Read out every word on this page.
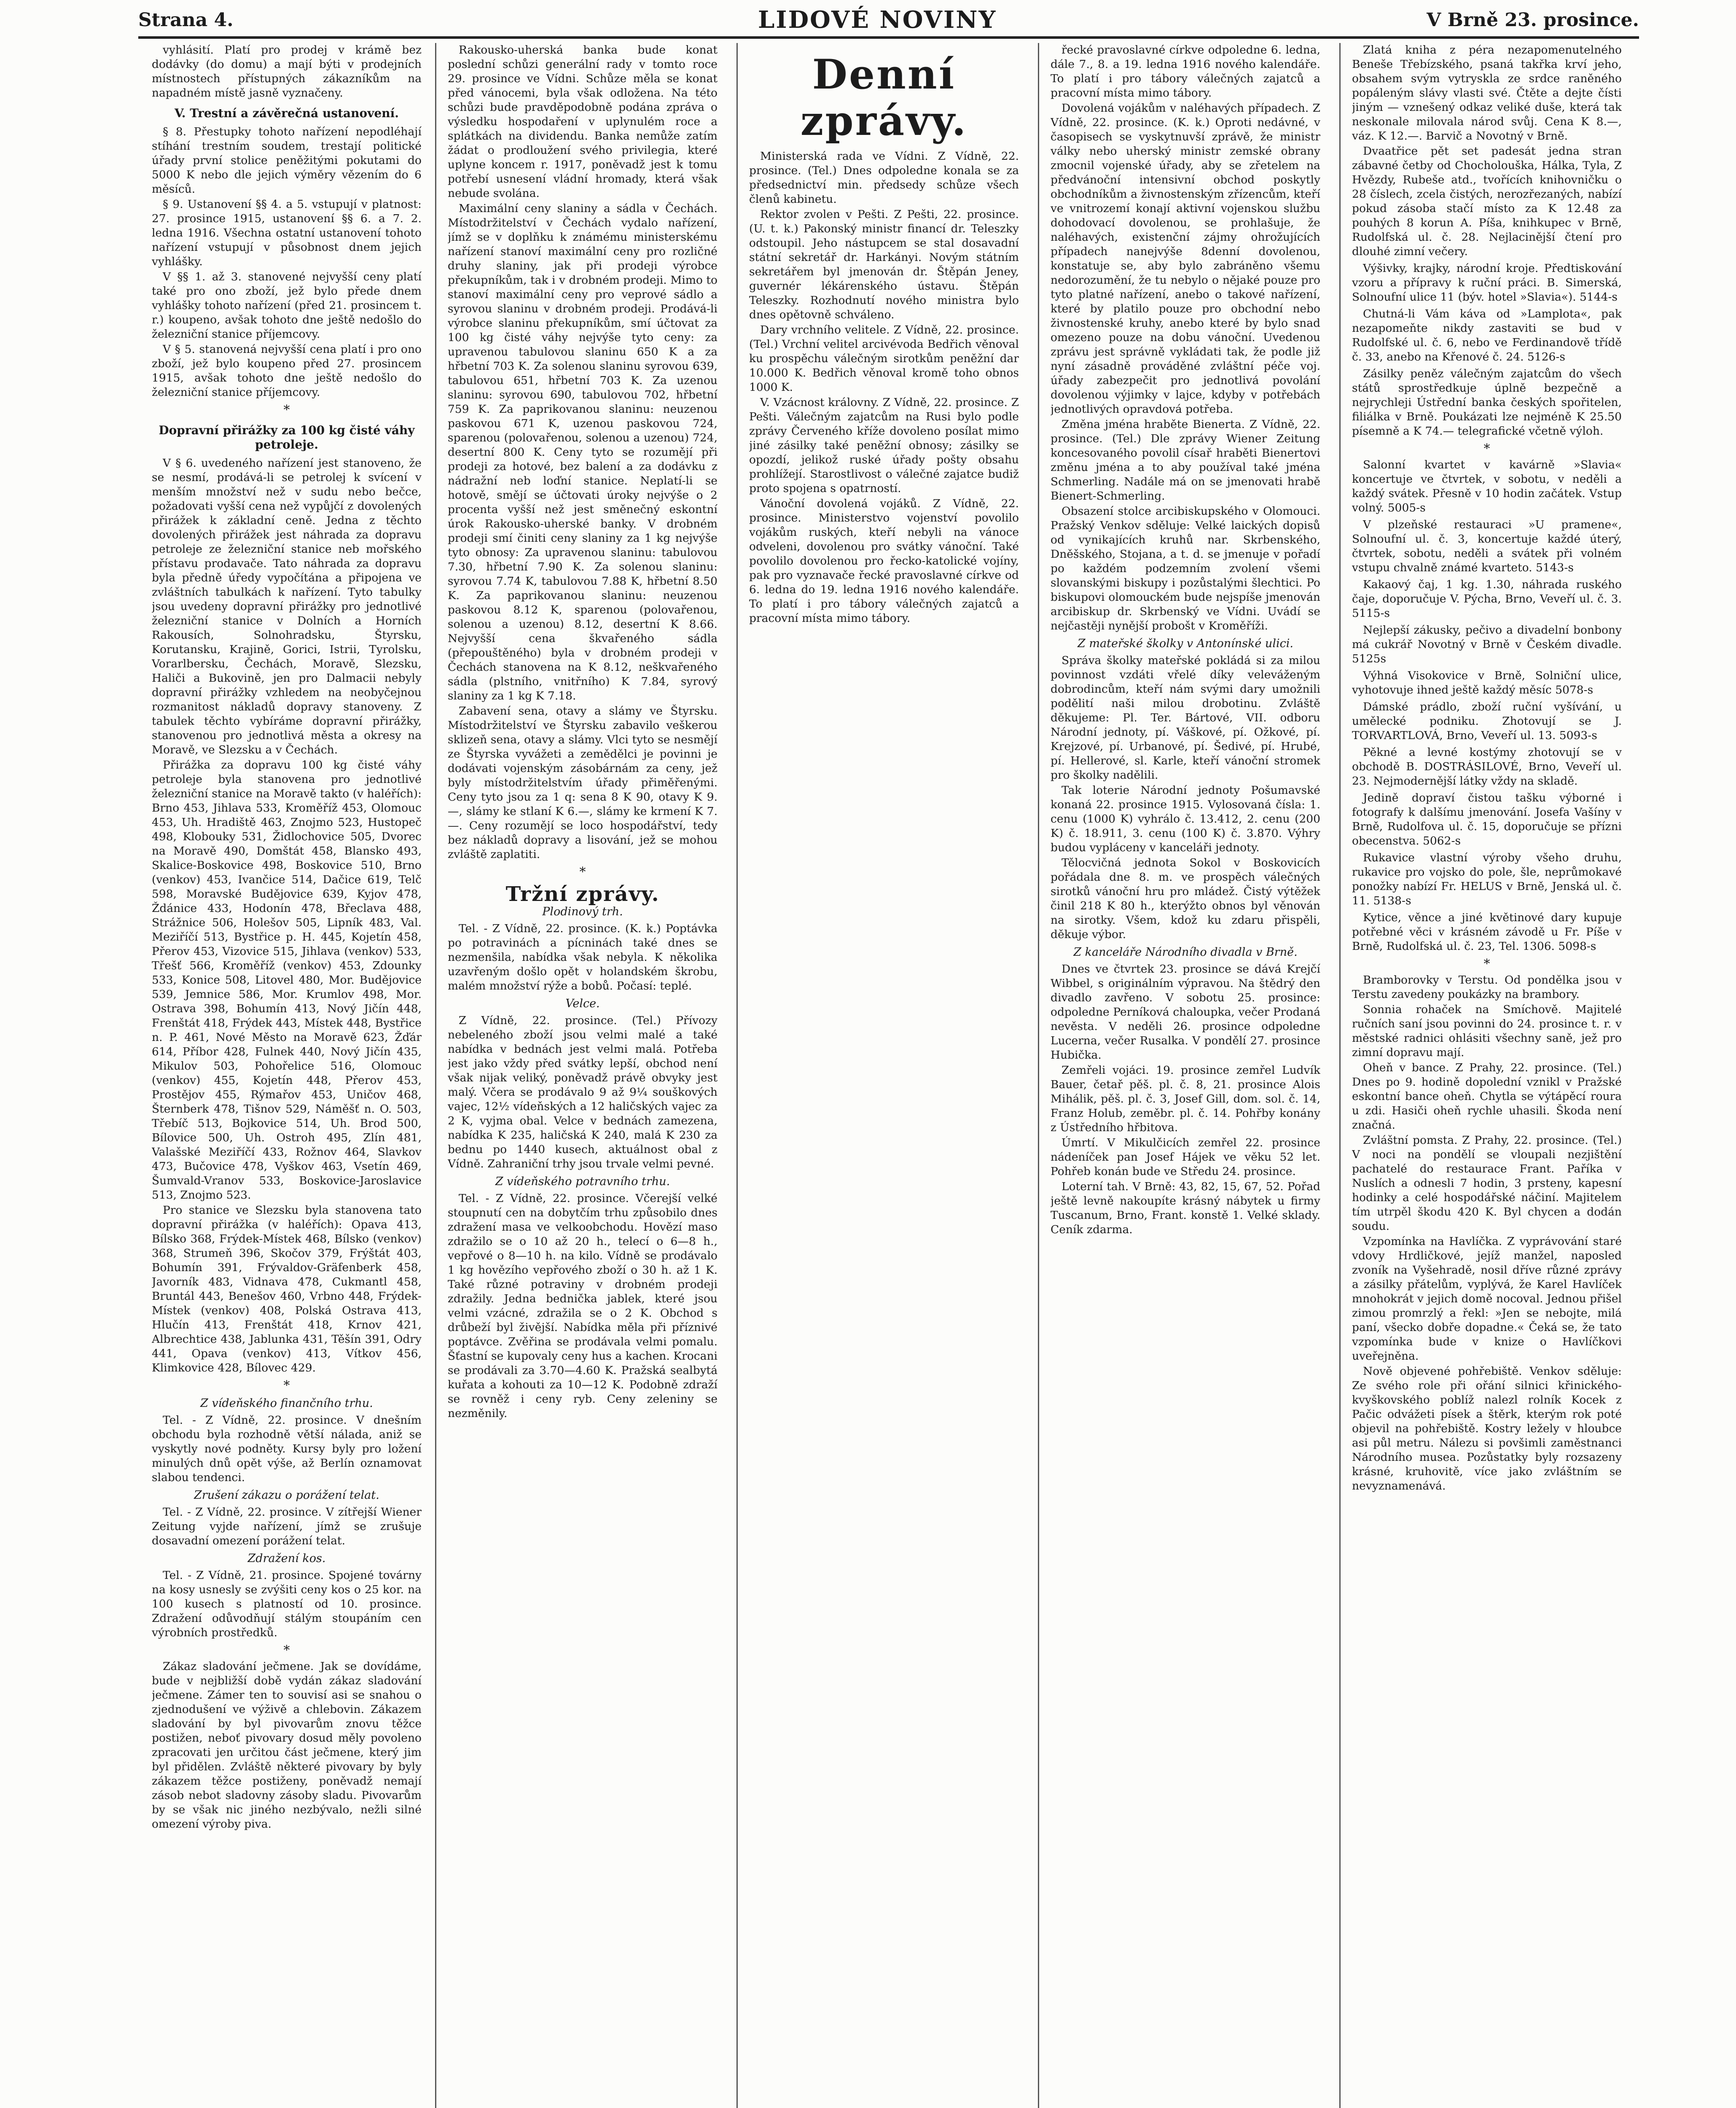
Strana 4.	LIDOVÉ NOVINY	V Brně 23. prosince.
vyhlásití. Platí pro prodej v krámě bez dodávky (do domu) a mají býti v prodejních místnostech přístupných zákazníkům na napadném místě jasně vyznačeny.
V. Trestní a závěrečná ustanovení.
§ 8. Přestupky tohoto nařízení nepodléhají stíhání trestním soudem, trestají politické úřady první stolice peněžitými pokutami do 5000 K nebo dle jejich výměry vězením do 6 měsíců.
§ 9. Ustanovení §§ 4. a 5. vstupují v platnost: 27. prosince 1915, ustanovení §§ 6. a 7. 2. ledna 1916. Všechna ostatní ustanovení tohoto nařízení vstupují v působnost dnem jejich vyhlášky.
V §§ 1. až 3. stanovené nejvyšší ceny platí také pro ono zboží, jež bylo přede dnem vyhlášky tohoto nařízení (před 21. prosincem t. r.) koupeno, avšak tohoto dne ještě nedošlo do železniční stanice příjemcovy.
V § 5. stanovená nejvyšší cena platí i pro ono zboží, jež bylo koupeno před 27. prosincem 1915, avšak tohoto dne ještě nedošlo do železniční stanice příjemcovy.
*
Dopravní přirážky za 100 kg čisté váhy petroleje.
V § 6. uvedeného nařízení jest stanoveno, že se nesmí, prodává-li se petrolej k svícení v menším množství než v sudu nebo bečce, požadovati vyšší cena než vypůjčí z dovolených přirážek k základní ceně. Jedna z těchto dovolených přirážek jest náhrada za dopravu petroleje ze železniční stanice neb mořského přístavu prodavače. Tato náhrada za dopravu byla předně úředy vypočítána a připojena ve zvláštních tabulkách k nařízení. Tyto tabulky jsou uvedeny dopravní přirážky pro jednotlivé železniční stanice v Dolních a Horních Rakousích, Solnohradsku, Štyrsku, Korutansku, Krajině, Gorici, Istrii, Tyrolsku, Vorarlbersku, Čechách, Moravě, Slezsku, Haliči a Bukovině, jen pro Dalmacii nebyly dopravní přirážky vzhledem na neobyčejnou rozmanitost nákladů dopravy stanoveny. Z tabulek těchto vybíráme dopravní přirážky, stanovenou pro jednotlivá města a okresy na Moravě, ve Slezsku a v Čechách.
Přirážka za dopravu 100 kg čisté váhy petroleje byla stanovena pro jednotlivé železniční stanice na Moravě takto (v haléřích): Brno 453, Jihlava 533, Kroměříž 453, Olomouc 453, Uh. Hradiště 463, Znojmo 523, Hustopeč 498, Klobouky 531, Židlochovice 505, Dvorec na Moravě 490, Domštát 458, Blansko 493, Skalice-Boskovice 498, Boskovice 510, Brno (venkov) 453, Ivančice 514, Dačice 619, Telč 598, Moravské Budějovice 639, Kyjov 478, Ždánice 433, Hodonín 478, Břeclava 488, Strážnice 506, Holešov 505, Lipník 483, Val. Meziříčí 513, Bystřice p. H. 445, Kojetín 458, Přerov 453, Vizovice 515, Jihlava (venkov) 533, Třešť 566, Kroměříž (venkov) 453, Zdounky 533, Konice 508, Litovel 480, Mor. Budějovice 539, Jemnice 586, Mor. Krumlov 498, Mor. Ostrava 398, Bohumín 413, Nový Jičín 448, Frenštát 418, Frýdek 443, Místek 448, Bystřice n. P. 461, Nové Město na Moravě 623, Žďár 614, Příbor 428, Fulnek 440, Nový Jičín 435, Mikulov 503, Pohořelice 516, Olomouc (venkov) 455, Kojetín 448, Přerov 453, Prostějov 455, Rýmařov 453, Uničov 468, Šternberk 478, Tišnov 529, Náměšť n. O. 503, Třebíč 513, Bojkovice 514, Uh. Brod 500, Bílovice 500, Uh. Ostroh 495, Zlín 481, Valašské Meziříčí 433, Rožnov 464, Slavkov 473, Bučovice 478, Vyškov 463, Vsetín 469, Šumvald-Vranov 533, Boskovice-Jaroslavice 513, Znojmo 523.
Pro stanice ve Slezsku byla stanovena tato dopravní přirážka (v haléřích): Opava 413, Bílsko 368, Frýdek-Místek 468, Bílsko (venkov) 368, Strumeň 396, Skočov 379, Frýštát 403, Bohumín 391, Frývaldov-Gräfenberk 458, Javorník 483, Vidnava 478, Cukmantl 458, Bruntál 443, Benešov 460, Vrbno 448, Frýdek-Místek (venkov) 408, Polská Ostrava 413, Hlučín 413, Frenštát 418, Krnov 421, Albrechtice 438, Jablunka 431, Těšín 391, Odry 441, Opava (venkov) 413, Vítkov 456, Klimkovice 428, Bílovec 429.
*
Z vídeňského finančního trhu.
Tel. - Z Vídně, 22. prosince. V dnešním obchodu byla rozhodně větší nálada, aniž se vyskytly nové podněty. Kursy byly pro ložení minulých dnů opět výše, až Berlín oznamovat slabou tendenci.
Zrušení zákazu o porážení telat.
Tel. - Z Vídně, 22. prosince. V zítřejší Wiener Zeitung vyjde nařízení, jímž se zrušuje dosavadní omezení porážení telat.
Zdražení kos.
Tel. - Z Vídně, 21. prosince. Spojené továrny na kosy usnesly se zvýšiti ceny kos o 25 kor. na 100 kusech s platností od 10. prosince. Zdražení odůvodňují stálým stoupáním cen výrobních prostředků.
*
Zákaz sladování ječmene. Jak se dovídáme, bude v nejbližší době vydán zákaz sladování ječmene. Zámer ten to souvisí asi se snahou o zjednodušení ve výživě a chlebovin. Zákazem sladování by byl pivovarům znovu těžce postižen, neboť pivovary dosud měly povoleno zpracovati jen určitou část ječmene, který jim byl přidělen. Zvláště některé pivovary by byly zákazem těžce postiženy, poněvadž nemají zásob nebot sladovny zásoby sladu. Pivovarům by se však nic jiného nezbývalo, nežli silné omezení výroby piva.
Rakousko-uherská banka bude konat poslední schůzi generální rady v tomto roce 29. prosince ve Vídni. Schůze měla se konat před vánocemi, byla však odložena. Na této schůzi bude pravděpodobně podána zpráva o výsledku hospodaření v uplynulém roce a splátkách na dividendu. Banka nemůže zatím žádat o prodloužení svého privilegia, které uplyne koncem r. 1917, poněvadž jest k tomu potřebí usnesení vládní hromady, která však nebude svolána.
Maximální ceny slaniny a sádla v Čechách. Místodržitelství v Čechách vydalo nařízení, jímž se v doplňku k známému ministerskému nařízení stanoví maximální ceny pro rozličné druhy slaniny, jak při prodeji výrobce překupníkům, tak i v drobném prodeji. Mimo to stanoví maximální ceny pro veprové sádlo a syrovou slaninu v drobném prodeji. Prodává-li výrobce slaninu překupníkům, smí účtovat za 100 kg čisté váhy nejvýše tyto ceny: za upravenou tabulovou slaninu 650 K a za hřbetní 703 K. Za solenou slaninu syrovou 639, tabulovou 651, hřbetní 703 K. Za uzenou slaninu: syrovou 690, tabulovou 702, hřbetní 759 K. Za paprikovanou slaninu: neuzenou paskovou 671 K, uzenou paskovou 724, sparenou (polovařenou, solenou a uzenou) 724, desertní 800 K. Ceny tyto se rozumějí při prodeji za hotové, bez balení a za dodávku z nádražní neb loďní stanice. Neplatí-li se hotově, smějí se účtovati úroky nejvýše o 2 procenta vyšší než jest směnečný eskontní úrok Rakousko-uherské banky. V drobném prodeji smí činiti ceny slaniny za 1 kg nejvýše tyto obnosy: Za upravenou slaninu: tabulovou 7.30, hřbetní 7.90 K. Za solenou slaninu: syrovou 7.74 K, tabulovou 7.88 K, hřbetní 8.50 K. Za paprikovanou slaninu: neuzenou paskovou 8.12 K, sparenou (polovařenou, solenou a uzenou) 8.12, desertní K 8.66. Nejvyšší cena škvařeného sádla (přepouštěného) byla v drobném prodeji v Čechách stanovena na K 8.12, neškvařeného sádla (plstního, vnitřního) K 7.84, syrový slaniny za 1 kg K 7.18.
Zabavení sena, otavy a slámy ve Štyrsku. Místodržitelství ve Štyrsku zabavilo veškerou sklizeň sena, otavy a slámy. Vlci tyto se nesmějí ze Štyrska vyvážeti a zemědělci je povinni je dodávati vojenským zásobárnám za ceny, jež byly místodržitelstvím úřady přiměřenými. Ceny tyto jsou za 1 q: sena 8 K 90, otavy K 9.—, slámy ke stlaní K 6.—, slámy ke krmení K 7.—. Ceny rozumějí se loco hospodářství, tedy bez nákladů dopravy a lisování, jež se mohou zvláště zaplatiti.
*
Tržní zprávy.
Plodinový trh.
Tel. - Z Vídně, 22. prosince. (K. k.) Poptávka po potravinách a pícninách také dnes se nezmenšila, nabídka však nebyla. K několika uzavřeným došlo opět v holandském škrobu, malém množství rýže a bobů. Počasí: teplé.
Velce.
Z Vídně, 22. prosince. (Tel.) Přívozy nebeleného zboží jsou velmi malé a také nabídka v bednách jest velmi malá. Potřeba jest jako vždy před svátky lepší, obchod není však nijak veliký, poněvadž právě obvyky jest malý. Včera se prodávalo 9 až 9¼ souškových vajec, 12½ vídeňských a 12 haličských vajec za 2 K, vyjma obal. Velce v bednách zamezena, nabídka K 235, haličská K 240, malá K 230 za bednu po 1440 kusech, aktuálnost obal z Vídně. Zahraniční trhy jsou trvale velmi pevné.
Z vídeňského potravního trhu.
Tel. - Z Vídně, 22. prosince. Včerejší velké stoupnutí cen na dobytčím trhu způsobilo dnes zdražení masa ve velkoobchodu. Hovězí maso zdražilo se o 10 až 20 h., telecí o 6—8 h., vepřové o 8—10 h. na kilo. Vídně se prodávalo 1 kg hovězího vepřového zboží o 30 h. až 1 K. Také různé potraviny v drobném prodeji zdražily. Jedna bednička jablek, které jsou velmi vzácné, zdražila se o 2 K. Obchod s drůbeží byl živější. Nabídka měla při příznivé poptávce. Zvěřina se prodávala velmi pomalu. Šťastní se kupovaly ceny hus a kachen. Krocani se prodávali za 3.70—4.60 K. Pražská sealbytá kuřata a kohouti za 10—12 K. Podobně zdraží se rovněž i ceny ryb. Ceny zeleniny se nezměnily.
Denní zprávy.
Ministerská rada ve Vídni. Z Vídně, 22. prosince. (Tel.) Dnes odpoledne konala se za předsednictví min. předsedy schůze všech členů kabinetu.
Rektor zvolen v Pešti. Z Pešti, 22. prosince. (U. t. k.) Pakonský ministr financí dr. Teleszky odstoupil. Jeho nástupcem se stal dosavadní státní sekretář dr. Harkányi. Novým státním sekretářem byl jmenován dr. Štěpán Jeney, guvernér lékárenského ústavu. Štěpán Teleszky. Rozhodnutí nového ministra bylo dnes opětovně schváleno.
Dary vrchního velitele. Z Vídně, 22. prosince. (Tel.) Vrchní velitel arcivévoda Bedřich věnoval ku prospěchu válečným sirotkům peněžní dar 10.000 K. Bedřich věnoval kromě toho obnos 1000 K.
V. Vzácnost královny. Z Vídně, 22. prosince. Z Pešti. Válečným zajatcům na Rusi bylo podle zprávy Červeného kříže dovoleno posílat mimo jiné zásilky také peněžní obnosy; zásilky se opozdí, jelikož ruské úřady pošty obsahu prohlížejí. Starostlivost o válečné zajatce budiž proto spojena s opatrností.
Vánoční dovolená vojáků. Z Vídně, 22. prosince. Ministerstvo vojenství povolilo vojákům ruských, kteří nebyli na vánoce odveleni, dovolenou pro svátky vánoční. Také povolilo dovolenou pro řecko-katolické vojíny, pak pro vyznavače řecké pravoslavné církve od 6. ledna do 19. ledna 1916 nového kalendáře. To platí i pro tábory válečných zajatců a pracovní místa mimo tábory.
řecké pravoslavné církve odpoledne 6. ledna, dále 7., 8. a 19. ledna 1916 nového kalendáře. To platí i pro tábory válečných zajatců a pracovní místa mimo tábory.
Dovolená vojákům v naléhavých případech. Z Vídně, 22. prosince. (K. k.) Oproti nedávné, v časopisech se vyskytnuvší zprávě, že ministr války nebo uherský ministr zemské obrany zmocnil vojenské úřady, aby se zřetelem na předvánoční intensivní obchod poskytly obchodníkům a živnostenským zřízencům, kteří ve vnitrozemí konají aktivní vojenskou službu dohodovací dovolenou, se prohlašuje, že naléhavých, existenční zájmy ohrožujících případech nanejvýše 8denní dovolenou, konstatuje se, aby bylo zabráněno všemu nedorozumění, že tu nebylo o nějaké pouze pro tyto platné nařízení, anebo o takové nařízení, které by platilo pouze pro obchodní nebo živnostenské kruhy, anebo které by bylo snad omezeno pouze na dobu vánoční. Uvedenou zprávu jest správně vykládati tak, že podle již nyní zásadně prováděné zvláštní péče voj. úřady zabezpečit pro jednotlivá povolání dovolenou výjimky v lajce, kdyby v potřebách jednotlivých opravdová potřeba.
Změna jména hraběte Bienerta. Z Vídně, 22. prosince. (Tel.) Dle zprávy Wiener Zeitung koncesovaného povolil císař hraběti Bienertovi změnu jména a to aby používal také jména Schmerling. Nadále má on se jmenovati hrabě Bienert-Schmerling.
Obsazení stolce arcibiskupského v Olomouci. Pražský Venkov sděluje: Velké laických dopisů od vynikajících kruhů nar. Skrbenského, Dněšského, Stojana, a t. d. se jmenuje v pořadí po každém podzemním zvolení všemi slovanskými biskupy i pozůstalými šlechtici. Po biskupovi olomouckém bude nejspíše jmenován arcibiskup dr. Skrbenský ve Vídni. Uvádí se nejčastěji nynější probošt v Kroměříži.
Z mateřské školky v Antonínské ulici.
Správa školky mateřské pokládá si za milou povinnost vzdáti vřelé díky veleváženým dobrodincům, kteří nám svými dary umožnili podělití naši milou drobotinu. Zvláště děkujeme: Pl. Ter. Bártové, VII. odboru Národní jednoty, pí. Váškové, pí. Ožkové, pí. Krejzové, pí. Urbanové, pí. Šedivé, pí. Hrubé, pí. Hellerové, sl. Karle, kteří vánoční stromek pro školky nadělili.
Tak loterie Národní jednoty Pošumavské konaná 22. prosince 1915. Vylosovaná čísla: 1. cenu (1000 K) vyhrálo č. 13.412, 2. cenu (200 K) č. 18.911, 3. cenu (100 K) č. 3.870. Výhry budou vypláceny v kanceláři jednoty.
Tělocvičná jednota Sokol v Boskovicích pořádala dne 8. m. ve prospěch válečných sirotků vánoční hru pro mládež. Čistý výtěžek činil 218 K 80 h., kterýžto obnos byl věnován na sirotky. Všem, kdož ku zdaru přispěli, děkuje výbor.
Z kanceláře Národního divadla v Brně.
Dnes ve čtvrtek 23. prosince se dává Krejčí Wibbel, s originálním výpravou. Na štědrý den divadlo zavřeno. V sobotu 25. prosince: odpoledne Perníková chaloupka, večer Prodaná nevěsta. V neděli 26. prosince odpoledne Lucerna, večer Rusalka. V pondělí 27. prosince Hubička.
Zemřeli vojáci. 19. prosince zemřel Ludvík Bauer, četař pěš. pl. č. 8, 21. prosince Alois Mihálik, pěš. pl. č. 3, Josef Gill, dom. sol. č. 14, Franz Holub, zeměbr. pl. č. 14. Pohřby konány z Ústředního hřbitova.
Úmrtí. V Mikulčicích zemřel 22. prosince nádeníček pan Josef Hájek ve věku 52 let. Pohřeb konán bude ve Středu 24. prosince.
Loterní tah. V Brně: 43, 82, 15, 67, 52. Pořad ještě levně nakoupíte krásný nábytek u firmy Tuscanum, Brno, Frant. konstě 1. Velké sklady. Ceník zdarma.
Zlatá kniha z péra nezapomenutelného Beneše Třebízského, psaná takřka krví jeho, obsahem svým vytryskla ze srdce raněného popáleným slávy vlasti své. Čtěte a dejte čísti jiným — vznešený odkaz veliké duše, která tak neskonale milovala národ svůj. Cena K 8.—, váz. K 12.—. Barvič a Novotný v Brně.
Dvaatřice pět set padesát jedna stran zábavné četby od Chocholouška, Hálka, Tyla, Z Hvězdy, Rubeše atd., tvořících knihovničku o 28 číslech, zcela čistých, nerozřezaných, nabízí pokud zásoba stačí místo za K 12.48 za pouhých 8 korun A. Píša, knihkupec v Brně, Rudolfská ul. č. 28. Nejlacinější čtení pro dlouhé zimní večery.
Výšivky, krajky, národní kroje. Předtiskování vzoru a přípravy k ruční práci. B. Simerská, Solnoufní ulice 11 (býv. hotel »Slavia«). 5144-s
Chutná-li Vám káva od »Lamplota«, pak nezapomeňte nikdy zastaviti se bud v Rudolfské ul. č. 6, nebo ve Ferdinandově třídě č. 33, anebo na Křenové č. 24. 5126-s
Zásilky peněz válečným zajatcům do všech států sprostředkuje úplně bezpečně a nejrychleji Ústřední banka českých spořitelen, filiálka v Brně. Poukázati lze nejméně K 25.50 písemně a K 74.— telegrafické včetně výloh.
*
Salonní kvartet v kavárně »Slavia« koncertuje ve čtvrtek, v sobotu, v neděli a každý svátek. Přesně v 10 hodin začátek. Vstup volný. 5005-s
V plzeňské restauraci »U pramene«, Solnoufní ul. č. 3, koncertuje každé úterý, čtvrtek, sobotu, neděli a svátek při volném vstupu chvalně známé kvarteto. 5143-s
Kakaový čaj, 1 kg. 1.30, náhrada ruského čaje, doporučuje V. Pýcha, Brno, Veveří ul. č. 3. 5115-s
Nejlepší zákusky, pečivo a divadelní bonbony má cukrář Novotný v Brně v Českém divadle. 5125s
Výhná Visokovice v Brně, Solniční ulice, vyhotovuje ihned ještě každý měsíc 5078-s
Dámské prádlo, zboží ruční vyšívání, u umělecké podniku. Zhotovují se J. TORVARTLOVÁ, Brno, Veveří ul. 13. 5093-s
Pěkné a levné kostýmy zhotovují se v obchodě B. DOSTRÁSILOVÉ, Brno, Veveří ul. 23. Nejmodernější látky vždy na skladě.
Jedině dopraví čistou tašku výborné i fotografy k dalšímu jmenování. Josefa Vašíny v Brně, Rudolfova ul. č. 15, doporučuje se přízni obecenstva. 5062-s
Rukavice vlastní výroby všeho druhu, rukavice pro vojsko do pole, šle, neprůmokavé ponožky nabízí Fr. HELUS v Brně, Jenská ul. č. 11. 5138-s
Kytice, věnce a jiné květinové dary kupuje potřebné věci v krásném závodě u Fr. Píše v Brně, Rudolfská ul. č. 23, Tel. 1306. 5098-s
*
Bramborovky v Terstu. Od pondělka jsou v Terstu zavedeny poukázky na brambory.
Sonnia rohaček na Smíchově. Majitelé ručních saní jsou povinni do 24. prosince t. r. v městské radnici ohlásiti všechny saně, jež pro zimní dopravu mají.
Oheň v bance. Z Prahy, 22. prosince. (Tel.) Dnes po 9. hodině dopolední vznikl v Pražské eskontní bance oheň. Chytla se výtápěcí roura u zdi. Hasiči oheň rychle uhasili. Škoda není značná.
Zvláštní pomsta. Z Prahy, 22. prosince. (Tel.) V noci na pondělí se vloupali nezjištění pachatelé do restaurace Frant. Paříka v Nuslích a odnesli 7 hodin, 3 prsteny, kapesní hodinky a celé hospodářské náčiní. Majitelem tím utrpěl škodu 420 K. Byl chycen a dodán soudu.
Vzpomínka na Havlíčka. Z vyprávování staré vdovy Hrdličkové, jejíž manžel, naposled zvoník na Vyšehradě, nosil dříve různé zprávy a zásilky přátelům, vyplývá, že Karel Havlíček mnohokrát v jejich domě nocoval. Jednou přišel zimou promrzlý a řekl: »Jen se nebojte, milá paní, všecko dobře dopadne.« Čeká se, že tato vzpomínka bude v knize o Havlíčkovi uveřejněna.
Nově objevené pohřebiště. Venkov sděluje: Ze svého role při ořání silnici křinického-kvyškovského poblíž nalezl rolník Kocek z Pačic odvážeti písek a štěrk, kterým rok poté objevil na pohřebiště. Kostry ležely v hloubce asi půl metru. Nálezu si povšimli zaměstnanci Národního musea. Pozůstatky byly rozsazeny krásné, kruhovitě, více jako zvláštním se nevyznamenává.
